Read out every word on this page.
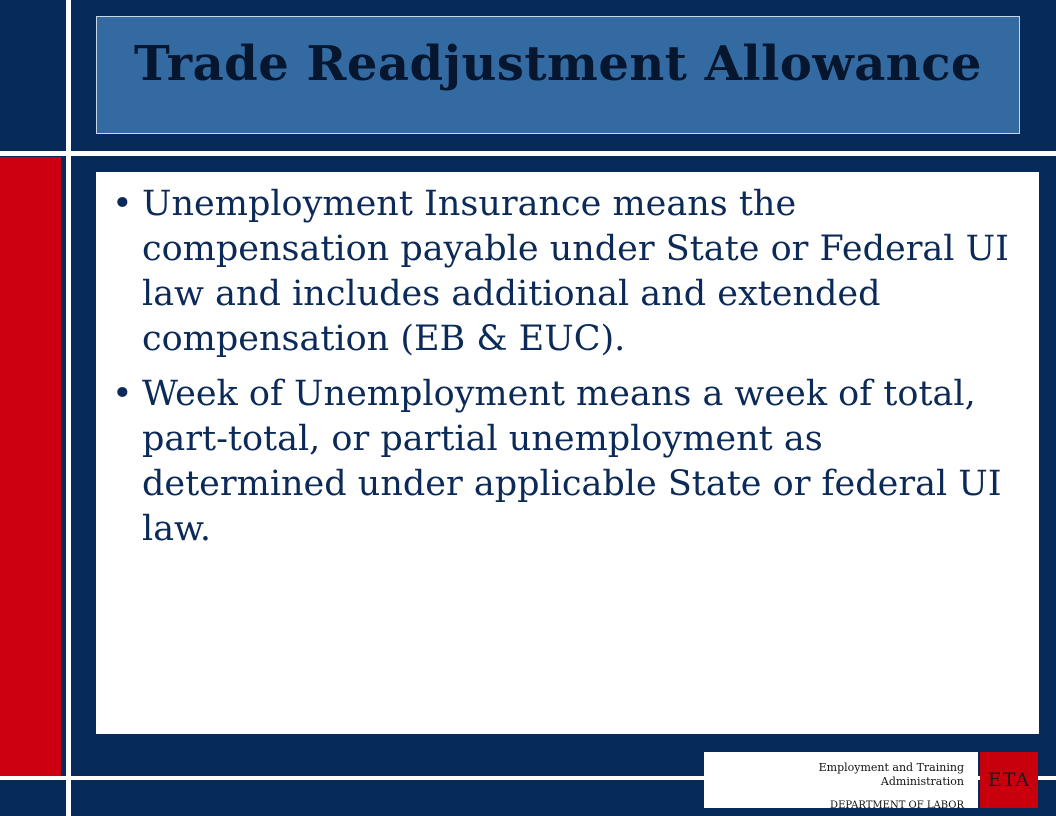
Trade Readjustment Allowance
• Unemployment Insurance means the compensation payable under State or Federal UI law and includes additional and extended compensation (EB & EUC).
• Week of Unemployment means a week of total, part-total, or partial unemployment as determined under applicable State or federal UI law.
Employment and Training
Administration
DEPARTMENT OF LABOR
ETA
